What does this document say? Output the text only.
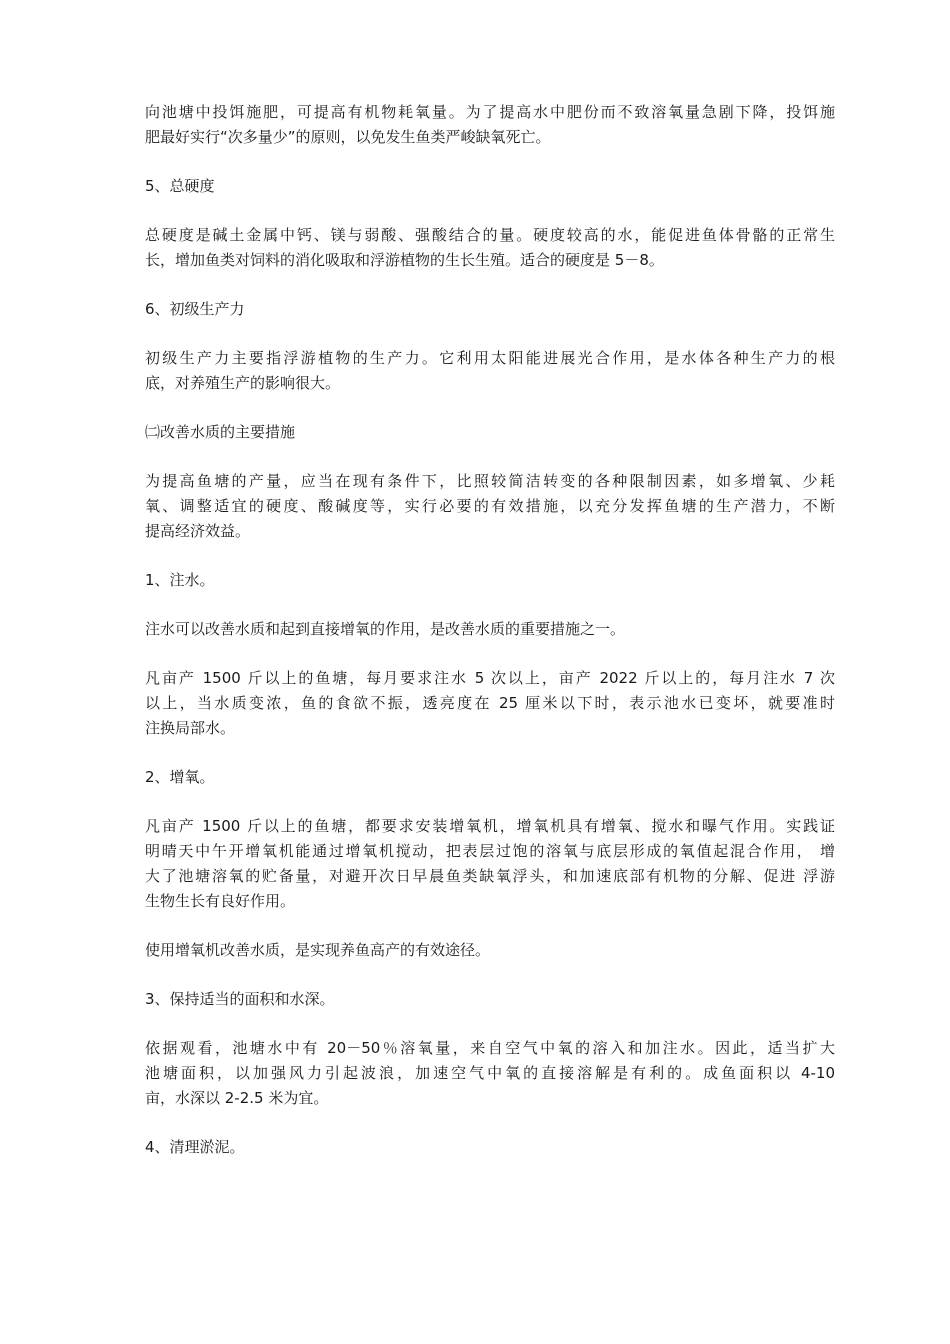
向池塘中投饵施肥，可提高有机物耗氧量。为了提高水中肥份而不致溶氧量急剧下降，投饵施
肥最好实行“次多量少”的原则，以免发生鱼类严峻缺氧死亡。
5、总硬度
总硬度是碱土金属中钙、镁与弱酸、强酸结合的量。硬度较高的水，能促进鱼体骨骼的正常生
长，增加鱼类对饲料的消化吸取和浮游植物的生长生殖。适合的硬度是 5－8。
6、初级生产力
初级生产力主要指浮游植物的生产力。它利用太阳能进展光合作用，是水体各种生产力的根
底，对养殖生产的影响很大。
㈡改善水质的主要措施
为提高鱼塘的产量，应当在现有条件下，比照较简洁转变的各种限制因素，如多增氧、少耗
氧、调整适宜的硬度、酸碱度等，实行必要的有效措施，以充分发挥鱼塘的生产潜力，不断
提高经济效益。
1、注水。
注水可以改善水质和起到直接增氧的作用，是改善水质的重要措施之一。
凡亩产 1500 斤以上的鱼塘，每月要求注水 5 次以上，亩产 2022 斤以上的，每月注水 7 次
以上，当水质变浓，鱼的食欲不振，透亮度在 25 厘米以下时，表示池水已变坏，就要准时
注换局部水。
2、增氧。
凡亩产 1500 斤以上的鱼塘，都要求安装增氧机，增氧机具有增氧、搅水和曝气作用。实践证
明晴天中午开增氧机能通过增氧机搅动，把表层过饱的溶氧与底层形成的氧值起混合作用， 增
大了池塘溶氧的贮备量，对避开次日早晨鱼类缺氧浮头，和加速底部有机物的分解、促进 浮游
生物生长有良好作用。
使用增氧机改善水质，是实现养鱼高产的有效途径。
3、保持适当的面积和水深。
依据观看，池塘水中有 20－50％溶氧量，来自空气中氧的溶入和加注水。因此，适当扩大
池塘面积，以加强风力引起波浪，加速空气中氧的直接溶解是有利的。成鱼面积以 4-10
亩，水深以 2-2.5 米为宜。
4、清理淤泥。
